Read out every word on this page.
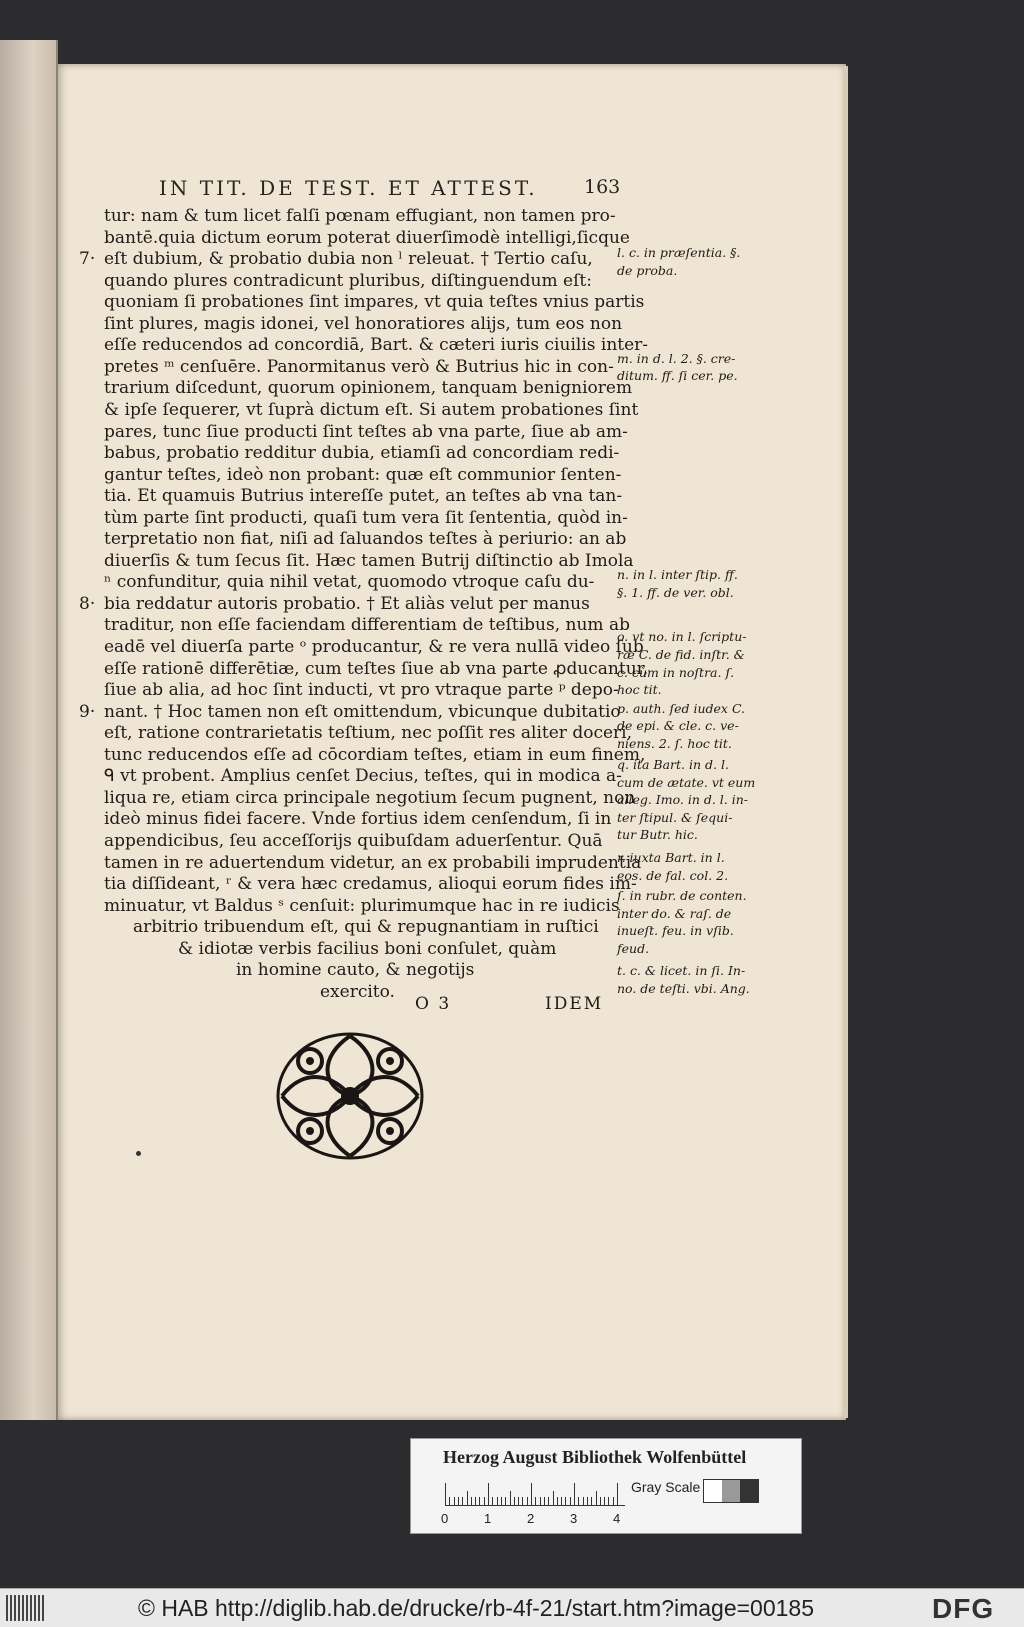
IN TIT. DE TEST. ET ATTEST. 163
tur: nam & tum licet falſi pœnam effugiant, non tamen pro-
bantē.quia dictum eorum poterat diuerſimodè intelligi,ſicque
eſt dubium, & probatio dubia non ˡ releuat. † Tertio caſu,
quando plures contradicunt pluribus, diſtinguendum eſt:
quoniam ſi probationes ſint impares, vt quia teſtes vnius partis
ſint plures, magis idonei, vel honoratiores alijs, tum eos non
eſſe reducendos ad concordiā, Bart. & cæteri iuris ciuilis inter-
pretes ᵐ cenſuēre. Panormitanus verò & Butrius hic in con-
trarium diſcedunt, quorum opinionem, tanquam benigniorem
& ipſe ſequerer, vt ſuprà dictum eſt. Si autem probationes ſint
pares, tunc ſiue producti ſint teſtes ab vna parte, ſiue ab am-
babus, probatio redditur dubia, etiamſi ad concordiam redi-
gantur teſtes, ideò non probant: quæ eſt communior ſenten-
tia. Et quamuis Butrius intereſſe putet, an teſtes ab vna tan-
tùm parte ſint producti, quaſi tum vera ſit ſententia, quòd in-
terpretatio non fiat, niſi ad ſaluandos teſtes à periurio: an ab
diuerſis & tum ſecus ſit. Hæc tamen Butrij diſtinctio ab Imola
ⁿ confunditur, quia nihil vetat, quomodo vtroque caſu du-
bia reddatur autoris probatio. † Et aliàs velut per manus
traditur, non eſſe faciendam differentiam de teſtibus, num ab
eadē vel diuerſa parte ᵒ producantur, & re vera nullā video ſub
eſſe rationē differētiæ, cum teſtes ſiue ab vna parte ꝓducantur,
ſiue ab alia, ad hoc ſint inducti, vt pro vtraque parte ᵖ depo-
nant. † Hoc tamen non eſt omittendum, vbicunque dubitatio
eſt, ratione contrarietatis teſtium, nec poſſit res aliter doceri,
tunc reducendos eſſe ad cōcordiam teſtes, etiam in eum finem,
ᑫ vt probent. Amplius cenſet Decius, teſtes, qui in modica a-
liqua re, etiam circa principale negotium ſecum pugnent, non
ideò minus fidei facere. Vnde fortius idem cenſendum, ſi in
appendicibus, ſeu acceſſorijs quibuſdam aduerſentur. Quā
tamen in re aduertendum videtur, an ex probabili imprudentia
tia diſſideant, ʳ & vera hæc credamus, alioqui eorum fides im-
minuatur, vt Baldus ˢ cenſuit: plurimumque hac in re iudicis
arbitrio tribuendum eſt, qui & repugnantiam in ruſtici
& idiotæ verbis facilius boni conſulet, quàm
in homine cauto, & negotijs
exercito.
7·
8·
9·
l. c. in præſentia. §.
de proba.
m. in d. l. 2. §. cre-
ditum. ff. ſi cer. pe.
n. in l. inter ſtip. ff.
§. 1. ff. de ver. obl.
o. vt no. in l. ſcriptu-
ræ C. de fid. inſtr. &
c. cùm in noſtra. ſ.
hoc tit.
p. auth. ſed iudex C.
de epi. & cle. c. ve-
niens. 2. ſ. hoc tit.
q. ita Bart. in d. l.
cum de ætate. vt eum
alleg. Imo. in d. l. in-
ter ſtipul. & ſequi-
tur Butr. hic.
r. iuxta Bart. in l.
eos. de fal. col. 2.
ſ. in rubr. de conten.
inter do. & raſ. de
inueſt. feu. in vſib.
feud.
t. c. & licet. in ſi. In-
no. de teſti. vbi. Ang.
O 3	IDEM
Herzog August Bibliothek Wolfenbüttel
0	1	2	3	4
Gray Scale
© HAB http://diglib.hab.de/drucke/rb-4f-21/start.htm?image=00185	DFG
